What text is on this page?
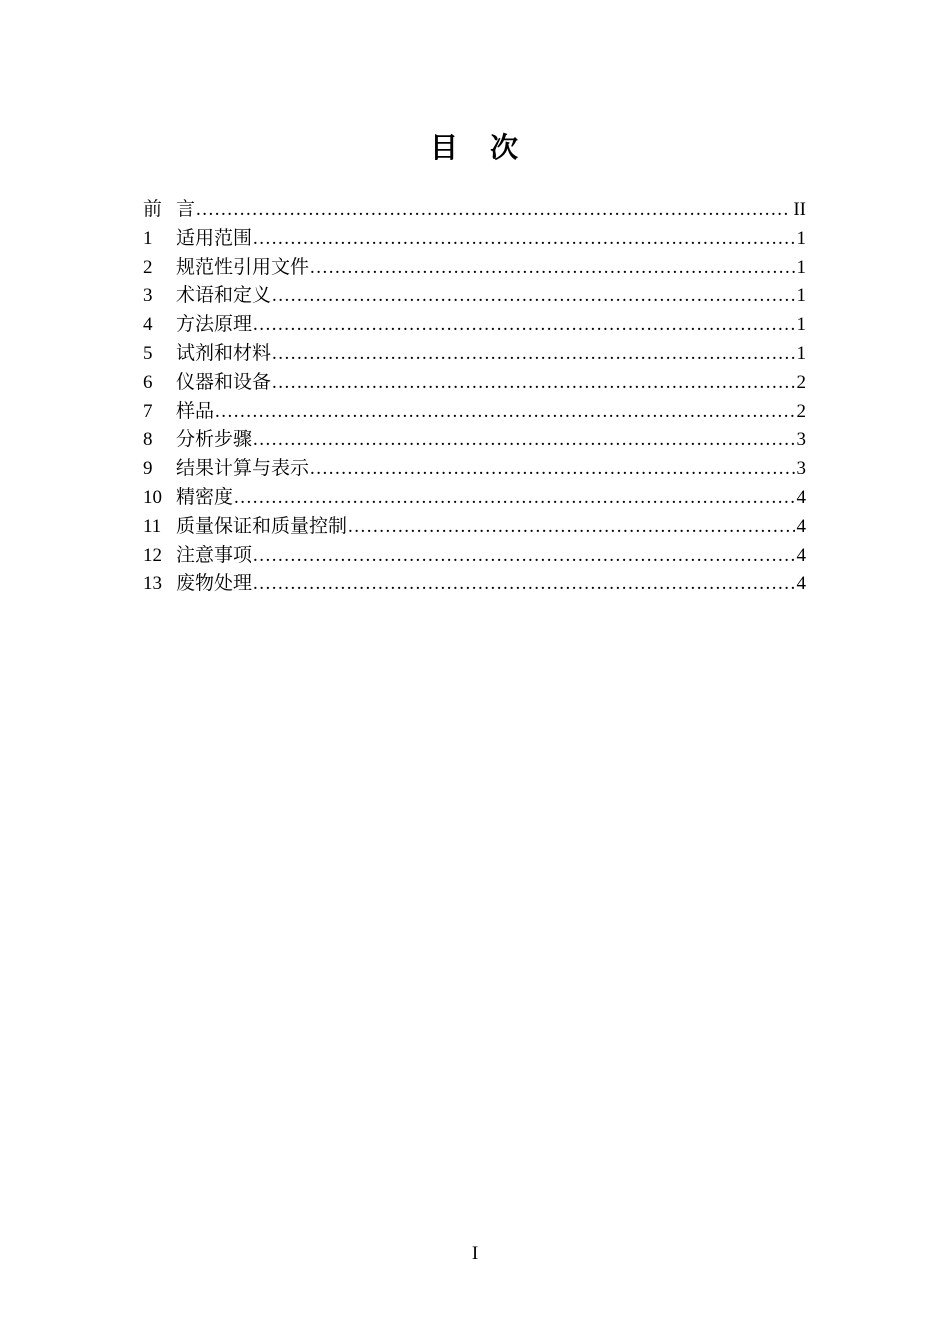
目　次
前 言 .....	II
1	适用范围 .....	1
2	规范性引用文件 .....	1
3	术语和定义 .....	1
4	方法原理 .....	1
5	试剂和材料 .....	1
6	仪器和设备 .....	2
7	样品 .....	2
8	分析步骤 .....	3
9	结果计算与表示 .....	3
10 精密度 .....	4
11 质量保证和质量控制 .....	4
12 注意事项 .....	4
13 废物处理 .....	4
I
